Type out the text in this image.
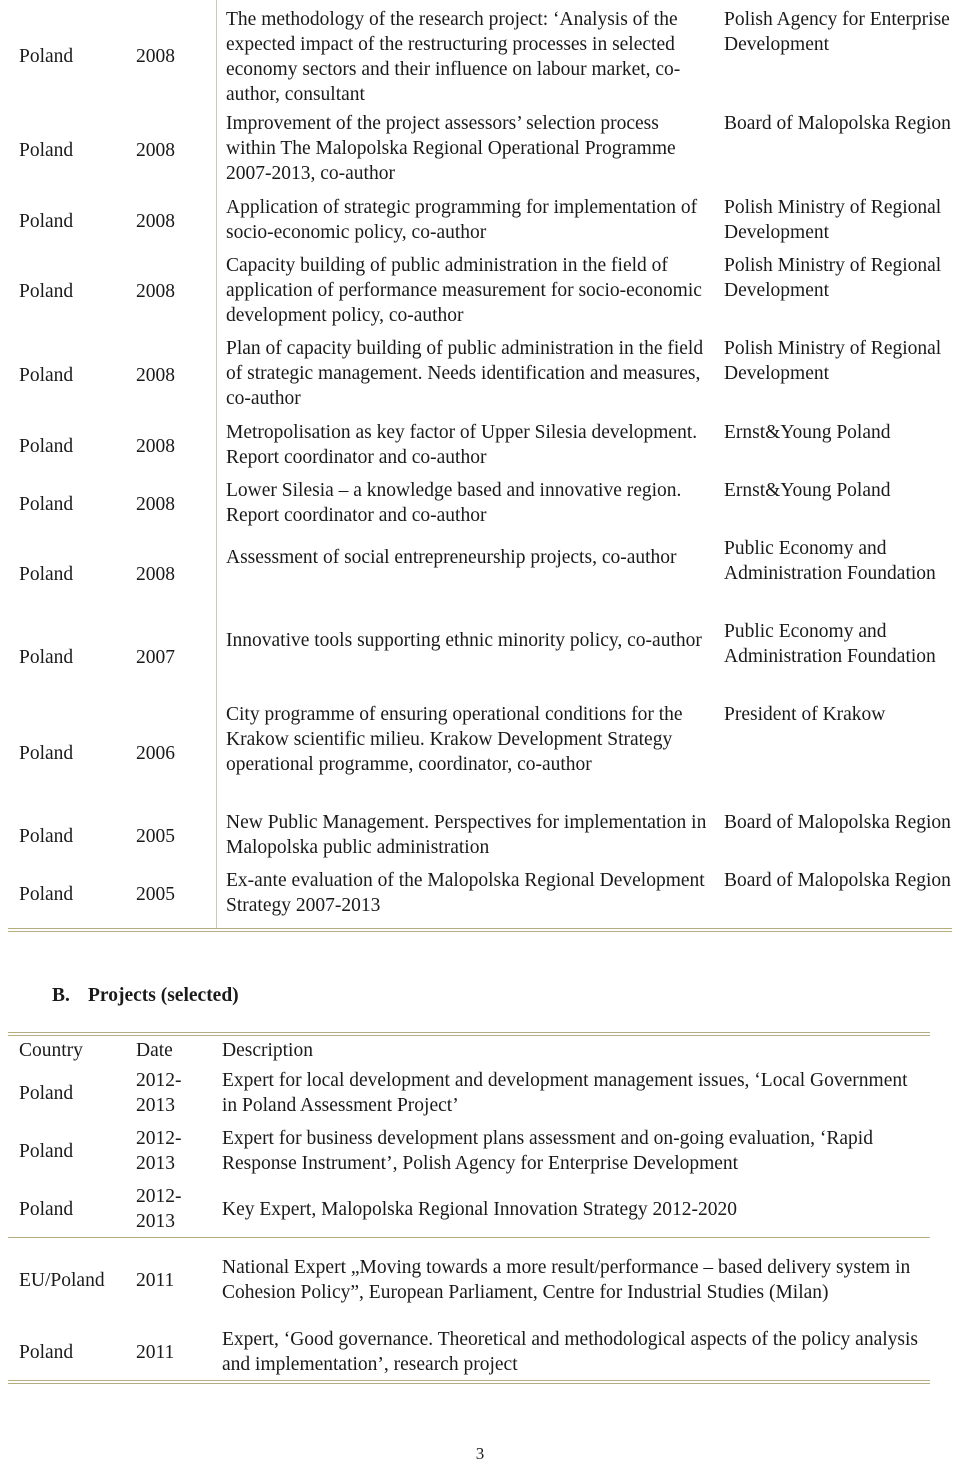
Poland	2008	The methodology of the research project: ‘Analysis of the expected impact of the restructuring processes in selected economy sectors and their influence on labour market, co-author, consultant	Polish Agency for Enterprise Development
Poland	2008	Improvement of the project assessors’ selection process within The Malopolska Regional Operational Programme 2007-2013, co-author	Board of Malopolska Region
Poland	2008	Application of strategic programming for implementation of socio-economic policy, co-author	Polish Ministry of Regional Development
Poland	2008	Capacity building of public administration in the field of application of performance measurement for socio-economic development policy, co-author	Polish Ministry of Regional Development
Poland	2008	Plan of capacity building of public administration in the field of strategic management. Needs identification and measures, co-author	Polish Ministry of Regional Development
Poland	2008	Metropolisation as key factor of Upper Silesia development. Report coordinator and co-author	Ernst&Young Poland
Poland	2008	Lower Silesia – a knowledge based and innovative region. Report coordinator and co-author	Ernst&Young Poland
Poland	2008	Assessment of social entrepreneurship projects, co-author	Public Economy and Administration Foundation
Poland	2007	Innovative tools supporting ethnic minority policy, co-author	Public Economy and Administration Foundation
Poland	2006	City programme of ensuring operational conditions for the Krakow scientific milieu. Krakow Development Strategy operational programme, coordinator, co-author	President of Krakow
Poland	2005	New Public Management. Perspectives for implementation in Malopolska public administration	Board of Malopolska Region
Poland	2005	Ex-ante evaluation of the Malopolska Regional Development Strategy 2007-2013	Board of Malopolska Region
B. Projects (selected)
Country	Date	Description
Poland	2012-2013	Expert for local development and development management issues, ‘Local Government in Poland Assessment Project’
Poland	2012-2013	Expert for business development plans assessment and on-going evaluation, ‘Rapid Response Instrument’, Polish Agency for Enterprise Development
Poland	2012-2013	Key Expert, Malopolska Regional Innovation Strategy 2012-2020
EU/Poland	2011	National Expert „Moving towards a more result/performance – based delivery system in Cohesion Policy”, European Parliament, Centre for Industrial Studies (Milan)
Poland	2011	Expert, ‘Good governance. Theoretical and methodological aspects of the policy analysis and implementation’, research project
3
